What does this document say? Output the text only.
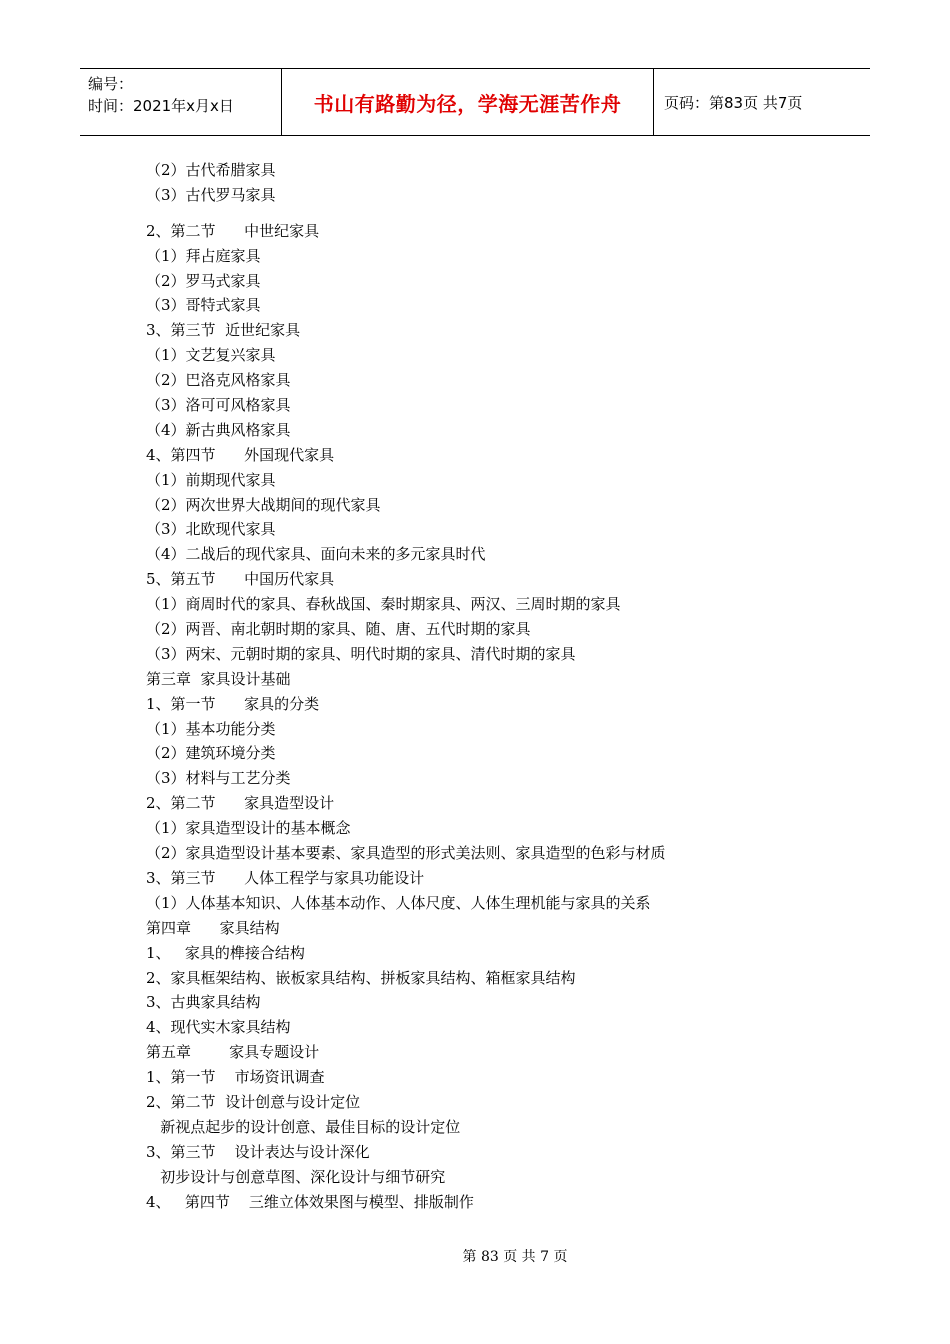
编号：
时间：2021年x月x日	书山有路勤为径，学海无涯苦作舟	页码：第83页 共7页
（2）古代希腊家具
（3）古代罗马家具
2、第二节      中世纪家具
（1）拜占庭家具
（2）罗马式家具
（3）哥特式家具
3、第三节  近世纪家具
（1）文艺复兴家具
（2）巴洛克风格家具
（3）洛可可风格家具
（4）新古典风格家具
4、第四节      外国现代家具
（1）前期现代家具
（2）两次世界大战期间的现代家具
（3）北欧现代家具
（4）二战后的现代家具、面向未来的多元家具时代
5、第五节      中国历代家具
（1）商周时代的家具、春秋战国、秦时期家具、两汉、三周时期的家具
（2）两晋、南北朝时期的家具、随、唐、五代时期的家具
（3）两宋、元朝时期的家具、明代时期的家具、清代时期的家具
第三章  家具设计基础
1、第一节      家具的分类
（1）基本功能分类
（2）建筑环境分类
（3）材料与工艺分类
2、第二节      家具造型设计
（1）家具造型设计的基本概念
（2）家具造型设计基本要素、家具造型的形式美法则、家具造型的色彩与材质
3、第三节      人体工程学与家具功能设计
（1）人体基本知识、人体基本动作、人体尺度、人体生理机能与家具的关系
第四章      家具结构
1、   家具的榫接合结构
2、家具框架结构、嵌板家具结构、拼板家具结构、箱框家具结构
3、古典家具结构
4、现代实木家具结构
第五章        家具专题设计
1、第一节    市场资讯调查
2、第二节  设计创意与设计定位
新视点起步的设计创意、最佳目标的设计定位
3、第三节    设计表达与设计深化
初步设计与创意草图、深化设计与细节研究
4、   第四节    三维立体效果图与模型、排版制作
第 83 页 共 7 页
